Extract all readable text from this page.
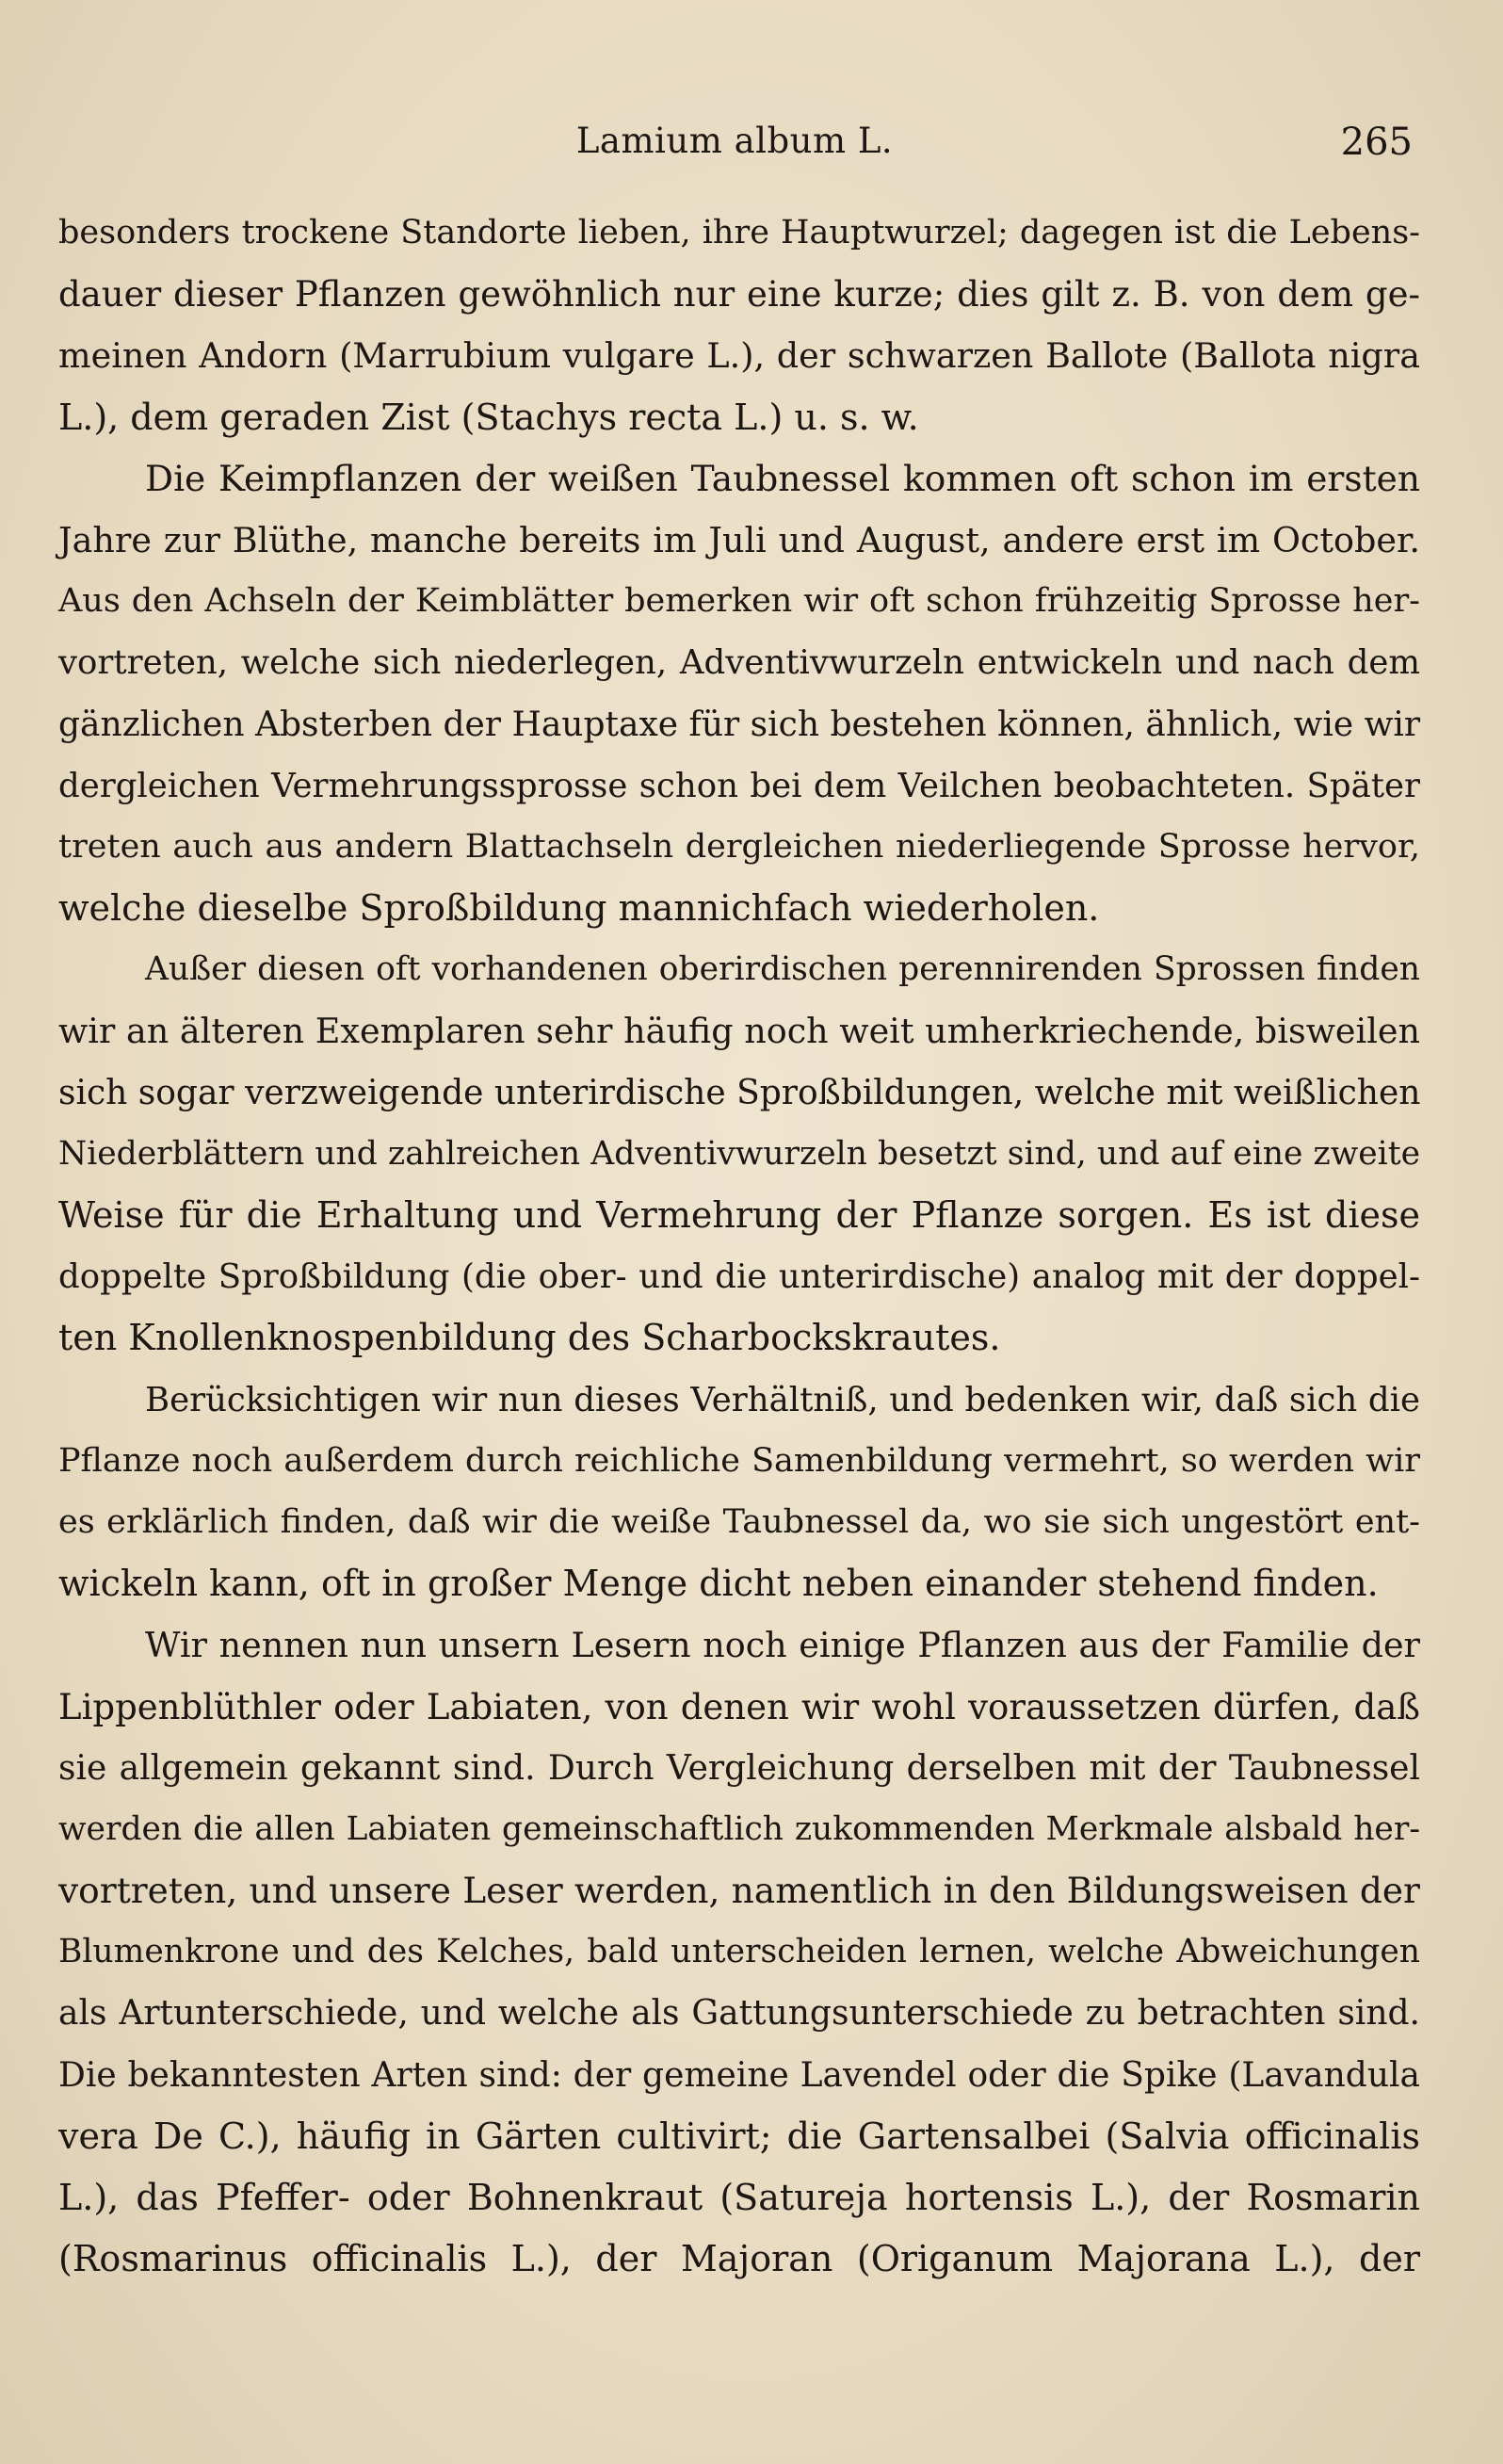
Lamium album L.	265
besonders trockene Standorte lieben, ihre Hauptwurzel; dagegen ist die Lebens-
dauer dieser Pflanzen gewöhnlich nur eine kurze; dies gilt z. B. von dem ge-
meinen Andorn (Marrubium vulgare L.), der schwarzen Ballote (Ballota nigra
L.), dem geraden Zist (Stachys recta L.) u. s. w.
Die Keimpflanzen der weißen Taubnessel kommen oft schon im ersten
Jahre zur Blüthe, manche bereits im Juli und August, andere erst im October.
Aus den Achseln der Keimblätter bemerken wir oft schon frühzeitig Sprosse her-
vortreten, welche sich niederlegen, Adventivwurzeln entwickeln und nach dem
gänzlichen Absterben der Hauptaxe für sich bestehen können, ähnlich, wie wir
dergleichen Vermehrungssprosse schon bei dem Veilchen beobachteten. Später
treten auch aus andern Blattachseln dergleichen niederliegende Sprosse hervor,
welche dieselbe Sproßbildung mannichfach wiederholen.
Außer diesen oft vorhandenen oberirdischen perennirenden Sprossen finden
wir an älteren Exemplaren sehr häufig noch weit umherkriechende, bisweilen
sich sogar verzweigende unterirdische Sproßbildungen, welche mit weißlichen
Niederblättern und zahlreichen Adventivwurzeln besetzt sind, und auf eine zweite
Weise für die Erhaltung und Vermehrung der Pflanze sorgen. Es ist diese
doppelte Sproßbildung (die ober- und die unterirdische) analog mit der doppel-
ten Knollenknospenbildung des Scharbockskrautes.
Berücksichtigen wir nun dieses Verhältniß, und bedenken wir, daß sich die
Pflanze noch außerdem durch reichliche Samenbildung vermehrt, so werden wir
es erklärlich finden, daß wir die weiße Taubnessel da, wo sie sich ungestört ent-
wickeln kann, oft in großer Menge dicht neben einander stehend finden.
Wir nennen nun unsern Lesern noch einige Pflanzen aus der Familie der
Lippenblüthler oder Labiaten, von denen wir wohl voraussetzen dürfen, daß
sie allgemein gekannt sind. Durch Vergleichung derselben mit der Taubnessel
werden die allen Labiaten gemeinschaftlich zukommenden Merkmale alsbald her-
vortreten, und unsere Leser werden, namentlich in den Bildungsweisen der
Blumenkrone und des Kelches, bald unterscheiden lernen, welche Abweichungen
als Artunterschiede, und welche als Gattungsunterschiede zu betrachten sind.
Die bekanntesten Arten sind: der gemeine Lavendel oder die Spike (Lavandula
vera De C.), häufig in Gärten cultivirt; die Gartensalbei (Salvia officinalis
L.), das Pfeffer- oder Bohnenkraut (Satureja hortensis L.), der Rosmarin
(Rosmarinus officinalis L.), der Majoran (Origanum Majorana L.), der
